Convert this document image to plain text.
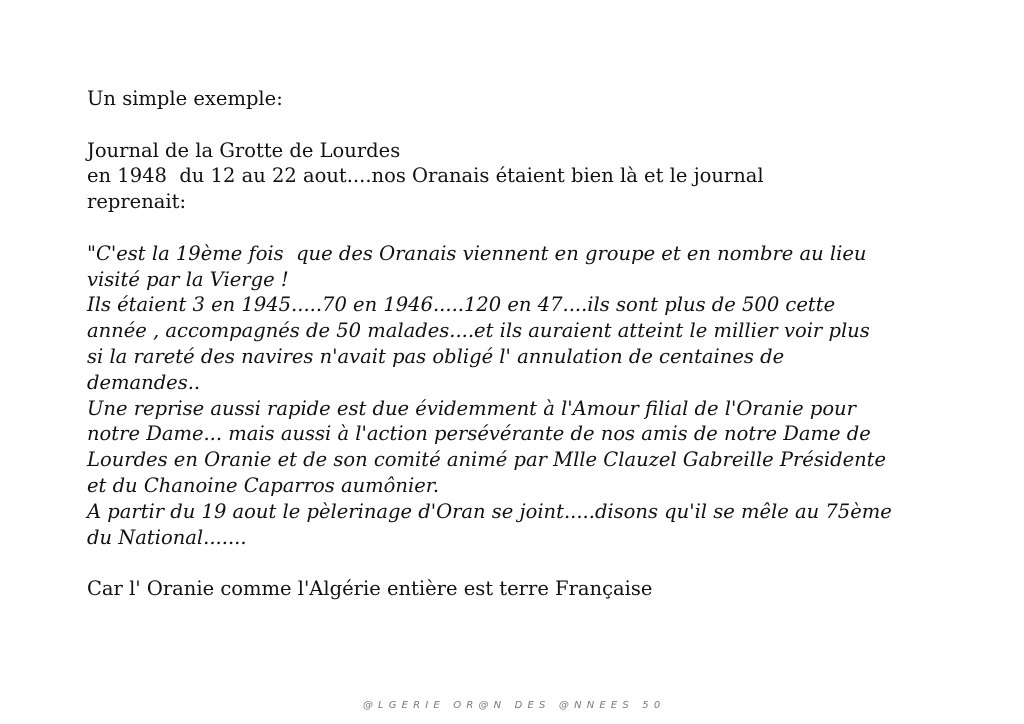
Un simple exemple:
Journal de la Grotte de Lourdes
en 1948  du 12 au 22 aout....nos Oranais étaient bien là et le journal
reprenait:
"C'est la 19ème fois  que des Oranais viennent en groupe et en nombre au lieu
visité par la Vierge !
Ils étaient 3 en 1945.....70 en 1946.....120 en 47....ils sont plus de 500 cette
année , accompagnés de 50 malades....et ils auraient atteint le millier voir plus
si la rareté des navires n'avait pas obligé l' annulation de centaines de
demandes..
Une reprise aussi rapide est due évidemment à l'Amour filial de l'Oranie pour
notre Dame... mais aussi à l'action persévérante de nos amis de notre Dame de
Lourdes en Oranie et de son comité animé par Mlle Clauzel Gabreille Présidente
et du Chanoine Caparros aumônier.
A partir du 19 aout le pèlerinage d'Oran se joint.....disons qu'il se mêle au 75ème
du National.......
Car l' Oranie comme l'Algérie entière est terre Française
@ L G E R I E   O R @ N   D E S   @ N N E E S   5 0
